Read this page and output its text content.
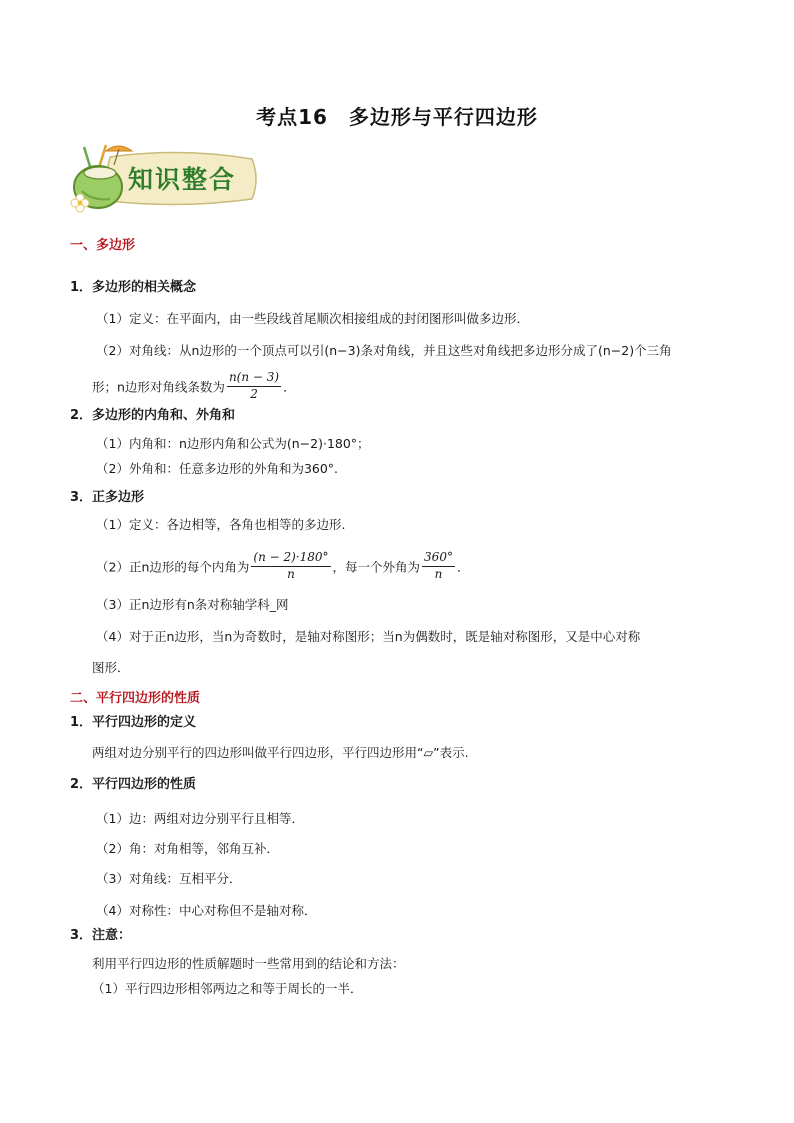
考点16　多边形与平行四边形
知识整合
一、多边形
1．多边形的相关概念
（1）定义：在平面内，由一些段线首尾顺次相接组成的封闭图形叫做多边形．
（2）对角线：从n边形的一个顶点可以引(n−3)条对角线，并且这些对角线把多边形分成了(n−2)个三角
形；n边形对角线条数为 $\frac{n(n - 3)}{2}$ ．
2．多边形的内角和、外角和
（1）内角和：n边形内角和公式为(n−2)·180°；
（2）外角和：任意多边形的外角和为360°.
3．正多边形
（1）定义：各边相等，各角也相等的多边形.
（2）正n边形的每个内角为 $\frac{(n - 2)\cdot 180^\circ}{n}$ ，每一个外角为 $\frac{360^\circ}{n}$ ．
（3）正n边形有n条对称轴学科_网
（4）对于正n边形，当n为奇数时，是轴对称图形；当n为偶数时，既是轴对称图形，又是中心对称
图形．
二、平行四边形的性质
1．平行四边形的定义
两组对边分别平行的四边形叫做平行四边形，平行四边形用“▱”表示.
2．平行四边形的性质
（1）边：两组对边分别平行且相等．
（2）角：对角相等，邻角互补．
（3）对角线：互相平分．
（4）对称性：中心对称但不是轴对称．
3．注意：
利用平行四边形的性质解题时一些常用到的结论和方法：
（1）平行四边形相邻两边之和等于周长的一半．
